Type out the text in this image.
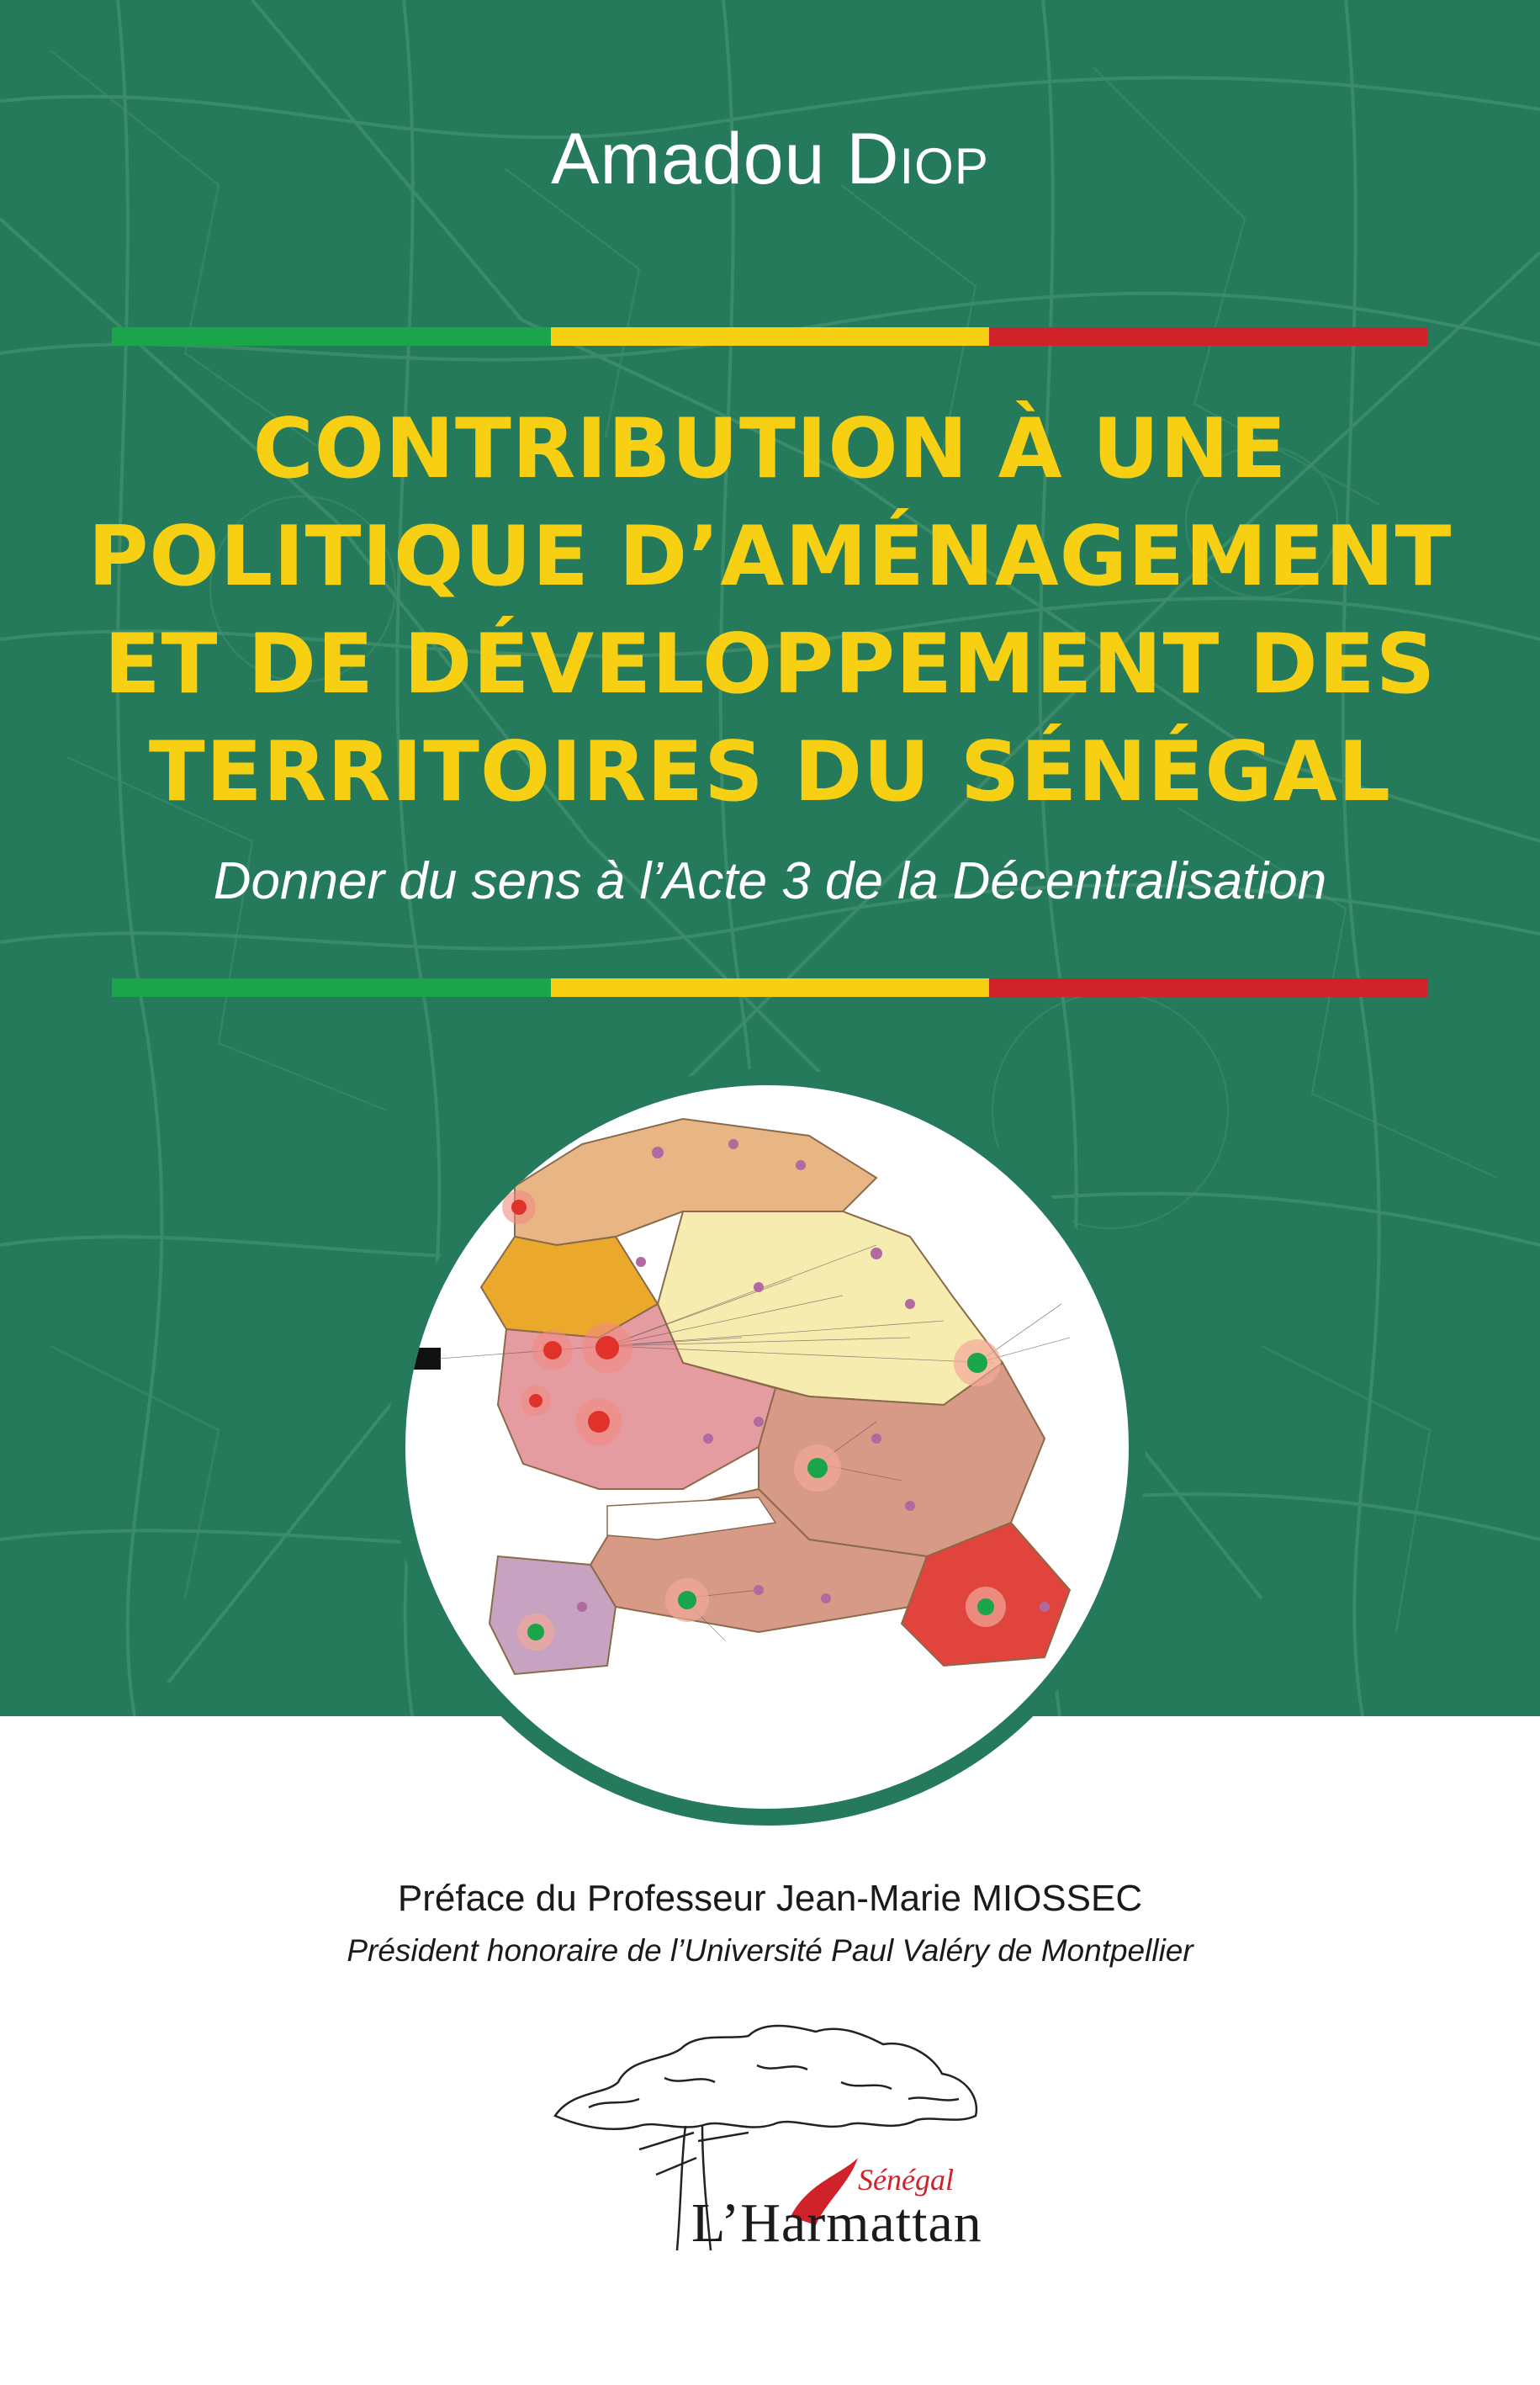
Amadou Diop
CONTRIBUTION À UNE
POLITIQUE D’AMÉNAGEMENT
ET DE DÉVELOPPEMENT DES
TERRITOIRES DU SÉNÉGAL

Donner du sens à l’Acte 3 de la Décentralisation

Préface du Professeur Jean-Marie MIOSSEC

Président honoraire de l’Université Paul Valéry de Montpellier

Sénégal
L’Harmattan
